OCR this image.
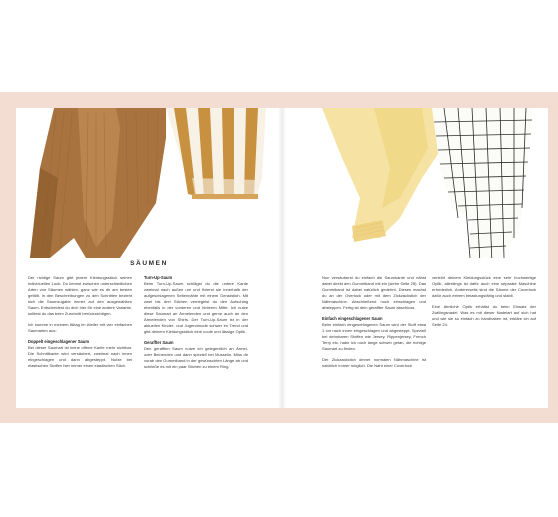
SÄUMEN

Der richtige Saum gibt jedem Kleidungsstück seinen individuellen Look. Du kennst zwischen unterschiedlichen Arten von Säumen wählen, ganz wie es dir am besten gefällt. In den Beschreibungen zu den Schnitten bezieht sich die Saumzugabe immer auf den ausgewählten Saum. Entscheidest du dich hier für eine andere Variante, solltest du das beim Zuschnitt berücksichtigen.

Ich komme in meinem Alltag im Atelier mit vier einfachen Saumarten aus:

Doppelt eingeschlagener Saum

Bei dieser Saumart ist keine offene Kante mehr sichtbar. Die Schnittkante wird versäubert, zweimal nach innen eingeschlagen und dann abgesteppt. Nutze bei elastischen Stoffen hier immer einen elastischen Stich.

Turn-Up-Saum

Beim Turn-Up-Saum schlägst du die untere Kante zweimal nach außen um und fixierst sie innerhalb der aufgeschlagenen Seitennähte mit einem Geradstich. Mit zwei bis drei Stichen verriegelst du den Aufschlag ebenfalls in der vorderen und hinteren Mitte. Ich nutze diese Saumart an Ärmelenden und gerne auch an den Ärmelenden von Shirts. Der Turn-Up-Saum ist in der aktuellen Kinder- und Jugendmode schwer im Trend und gibt deinem Kleidungsstück eine coole und lässige Optik.

Geraffter Saum

Den gerafften Saum nutze ich gelegentlich an Ärmel- oder Beinenden und dann speziell bei Musselin. Miss dir vorab den Gummiband in der gewünschten Länge ab und schließe es mit ein paar Stichen zu einem Ring.

Nun versäuberst du einfach die Saumkante und nähst dabei direkt den Gummiband mit ein (siehe Seite 25). Das Gummiband ist dabei natürlich gedehnt. Dieses machst du an der Overlock oder mit dem Zickzackstich der Nähmaschine. Abschließend noch einschlagen und absteppen. Fertig ist dein geraffter Saum abschluss.

Einfach eingeschlagener Saum

Beim einfach eingeschlagenen Saum wird der Stoff etwa 1 cm nach innen eingeschlagen und abgesteppt. Speziell bei dehnbaren Stoffen wie Jersey, Rippenjersey, French Terry etc. habe ich noch lange schwer getan, die richtige Saumart zu finden.

Der Zickzackstich deiner normalen Nähmaschine ist natürlich immer möglich. Die Naht einer Coverlock

verleiht deinem Kleidungsstück eine sehr hochwertige Optik, allerdings ist dafür auch eine separate Maschine erforderlich. Andererseits sind die Säume der Coverlock dafür auch extrem belastungsfähig und stabil.

Eine ähnliche Optik erhältst du beim Einsatz der Zwillingsnadel. Was es mit dieser Nadelart auf sich hat und wie sie so einfach zu handhaben ist, erkläre ich auf Seite 24.
